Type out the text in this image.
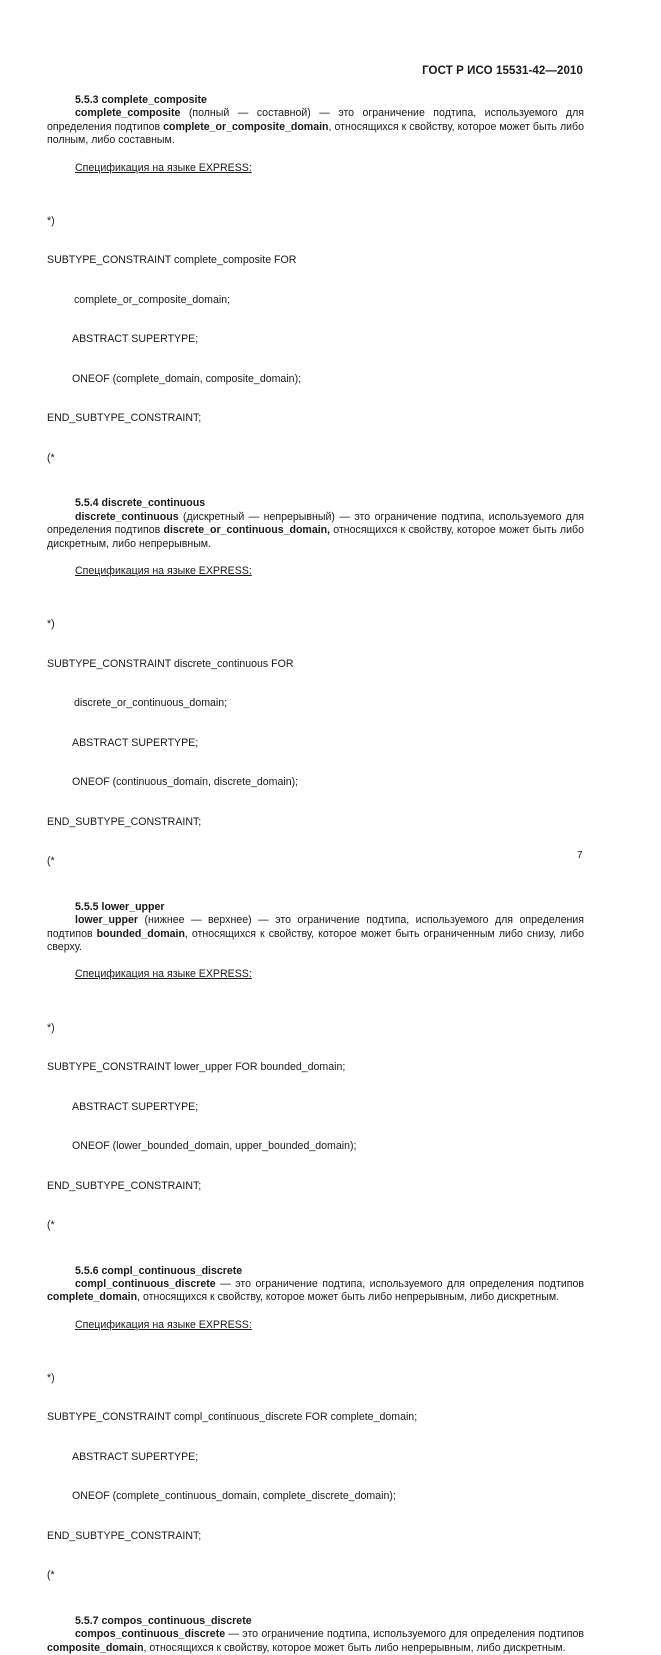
ГОСТ Р ИСО 15531-42—2010

5.5.3 complete_composite

complete_composite (полный — составной) — это ограничение подтипа, используемого для определения подтипов complete_or_composite_domain, относящихся к свойству, которое может быть либо полным, либо составным.

Спецификация на языке EXPRESS:

*)

SUBTYPE_CONSTRAINT complete_composite FOR

complete_or_composite_domain;

ABSTRACT SUPERTYPE;

ONEOF (complete_domain, composite_domain);

END_SUBTYPE_CONSTRAINT;

(*

5.5.4 discrete_continuous

discrete_continuous (дискретный — непрерывный) — это ограничение подтипа, используемого для определения подтипов discrete_or_continuous_domain, относящихся к свойству, которое может быть либо дискретным, либо непрерывным.

Спецификация на языке EXPRESS:

*)

SUBTYPE_CONSTRAINT discrete_continuous FOR

discrete_or_continuous_domain;

ABSTRACT SUPERTYPE;

ONEOF (continuous_domain, discrete_domain);

END_SUBTYPE_CONSTRAINT;

(*

5.5.5 lower_upper

lower_upper (нижнее — верхнее) — это ограничение подтипа, используемого для определения подтипов bounded_domain, относящихся к свойству, которое может быть ограниченным либо снизу, либо сверху.

Спецификация на языке EXPRESS:

*)

SUBTYPE_CONSTRAINT lower_upper FOR bounded_domain;

ABSTRACT SUPERTYPE;

ONEOF (lower_bounded_domain, upper_bounded_domain);

END_SUBTYPE_CONSTRAINT;

(*

5.5.6 compl_continuous_discrete

compl_continuous_discrete — это ограничение подтипа, используемого для определения подтипов complete_domain, относящихся к свойству, которое может быть либо непрерывным, либо дискретным.

Спецификация на языке EXPRESS:

*)

SUBTYPE_CONSTRAINT compl_continuous_discrete FOR complete_domain;

ABSTRACT SUPERTYPE;

ONEOF (complete_continuous_domain, complete_discrete_domain);

END_SUBTYPE_CONSTRAINT;

(*

5.5.7 compos_continuous_discrete

compos_continuous_discrete — это ограничение подтипа, используемого для определения подтипов composite_domain, относящихся к свойству, которое может быть либо непрерывным, либо дискретным.

7
